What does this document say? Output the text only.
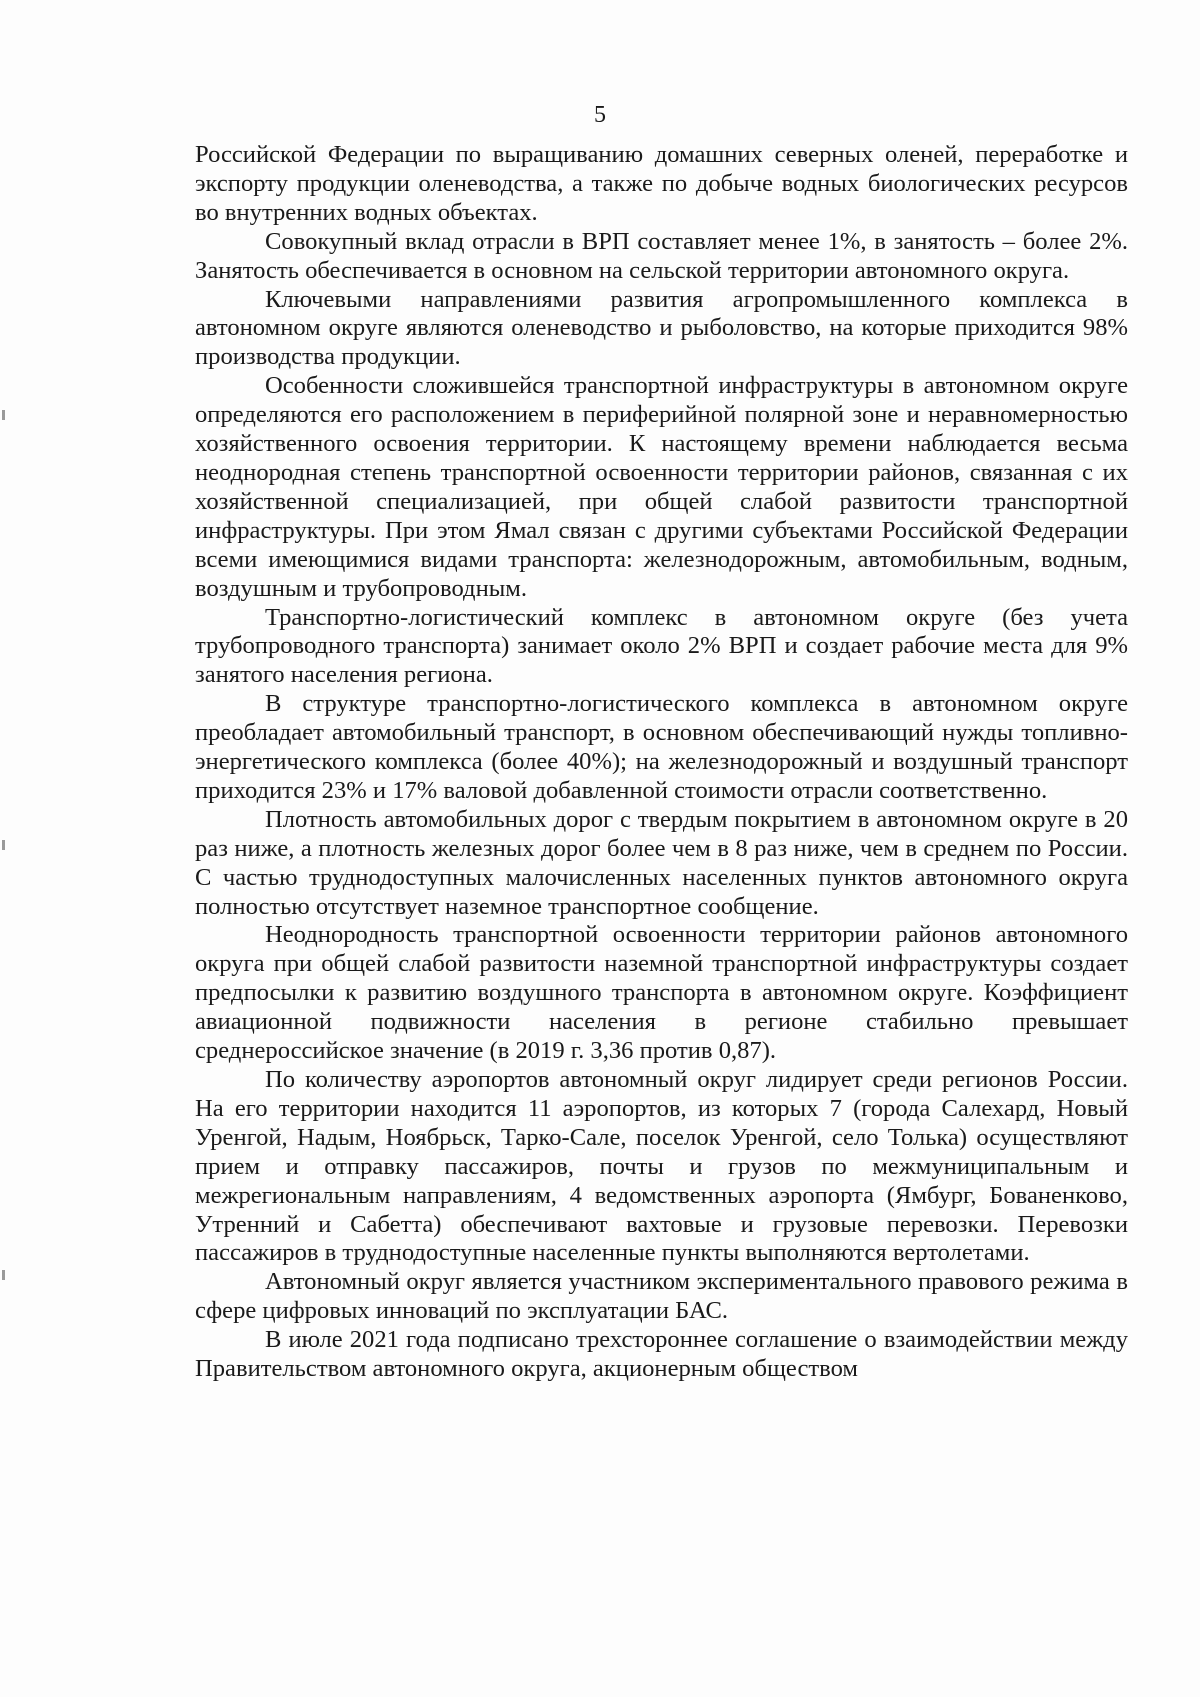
5

Российской Федерации по выращиванию домашних северных оленей, переработке и экспорту продукции оленеводства, а также по добыче водных биологических ресурсов во внутренних водных объектах.

Совокупный вклад отрасли в ВРП составляет менее 1%, в занятость – более 2%. Занятость обеспечивается в основном на сельской территории автономного округа.

Ключевыми направлениями развития агропромышленного комплекса в автономном округе являются оленеводство и рыболовство, на которые приходится 98% производства продукции.

Особенности сложившейся транспортной инфраструктуры в автономном округе определяются его расположением в периферийной полярной зоне и неравномерностью хозяйственного освоения территории. К настоящему времени наблюдается весьма неоднородная степень транспортной освоенности территории районов, связанная с их хозяйственной специализацией, при общей слабой развитости транспортной инфраструктуры. При этом Ямал связан с другими субъектами Российской Федерации всеми имеющимися видами транспорта: железнодорожным, автомобильным, водным, воздушным и трубопроводным.

Транспортно-логистический комплекс в автономном округе (без учета трубопроводного транспорта) занимает около 2% ВРП и создает рабочие места для 9% занятого населения региона.

В структуре транспортно-логистического комплекса в автономном округе преобладает автомобильный транспорт, в основном обеспечивающий нужды топливно-энергетического комплекса (более 40%); на железнодорожный и воздушный транспорт приходится 23% и 17% валовой добавленной стоимости отрасли соответственно.

Плотность автомобильных дорог с твердым покрытием в автономном округе в 20 раз ниже, а плотность железных дорог более чем в 8 раз ниже, чем в среднем по России. С частью труднодоступных малочисленных населенных пунктов автономного округа полностью отсутствует наземное транспортное сообщение.

Неоднородность транспортной освоенности территории районов автономного округа при общей слабой развитости наземной транспортной инфраструктуры создает предпосылки к развитию воздушного транспорта в автономном округе. Коэффициент авиационной подвижности населения в регионе стабильно превышает среднероссийское значение (в 2019 г. 3,36 против 0,87).

По количеству аэропортов автономный округ лидирует среди регионов России. На его территории находится 11 аэропортов, из которых 7 (города Салехард, Новый Уренгой, Надым, Ноябрьск, Тарко-Сале, поселок Уренгой, село Толька) осуществляют прием и отправку пассажиров, почты и грузов по межмуниципальным и межрегиональным направлениям, 4 ведомственных аэропорта (Ямбург, Бованенково, Утренний и Сабетта) обеспечивают вахтовые и грузовые перевозки. Перевозки пассажиров в труднодоступные населенные пункты выполняются вертолетами.

Автономный округ является участником экспериментального правового режима в сфере цифровых инноваций по эксплуатации БАС.

В июле 2021 года подписано трехстороннее соглашение о взаимодействии между Правительством автономного округа, акционерным обществом
